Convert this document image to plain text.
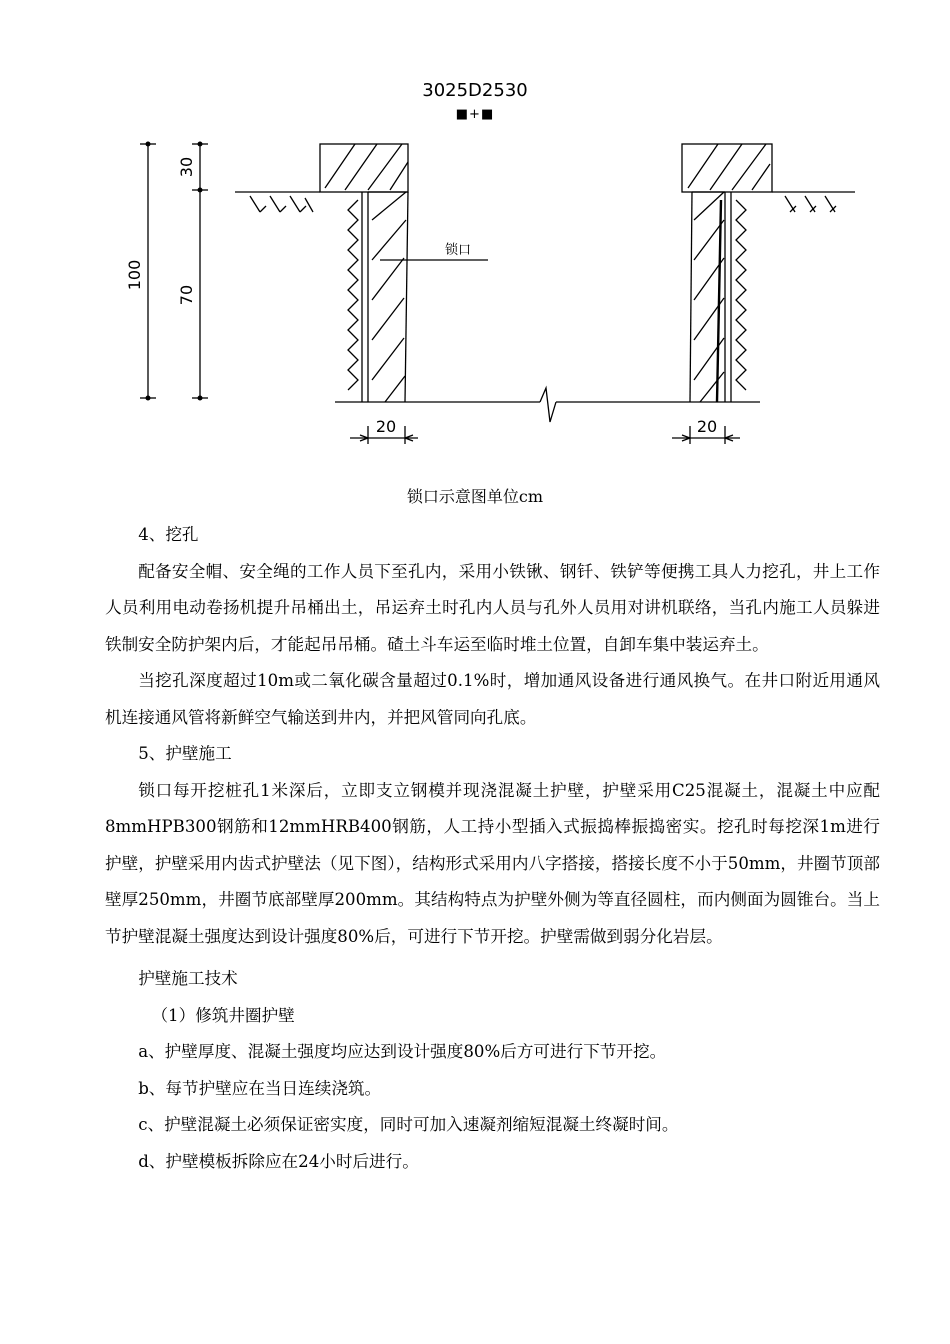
3025D2530
■+■
100
30
70
锁口
20	20
锁口示意图单位cm

4、挖孔

配备安全帽、安全绳的工作人员下至孔内，采用小铁锹、钢钎、铁铲等便携工具人力挖孔，井上工作人员利用电动卷扬机提升吊桶出土，吊运弃土时孔内人员与孔外人员用对讲机联络，当孔内施工人员躲进铁制安全防护架内后，才能起吊吊桶。碴土斗车运至临时堆土位置，自卸车集中装运弃土。

当挖孔深度超过10m或二氧化碳含量超过0.1%时，增加通风设备进行通风换气。在井口附近用通风机连接通风管将新鲜空气输送到井内，并把风管同向孔底。

5、护壁施工

锁口每开挖桩孔1米深后，立即支立钢模并现浇混凝土护壁，护壁采用C25混凝土，混凝土中应配8mmHPB300钢筋和12mmHRB400钢筋，人工持小型插入式振捣棒振捣密实。挖孔时每挖深1m进行护壁，护壁采用内齿式护壁法（见下图），结构形式采用内八字搭接，搭接长度不小于50mm，井圈节顶部壁厚250mm，井圈节底部壁厚200mm。其结构特点为护壁外侧为等直径圆柱，而内侧面为圆锥台。当上节护壁混凝土强度达到设计强度80%后，可进行下节开挖。护壁需做到弱分化岩层。

护壁施工技术

（1）修筑井圈护壁

a、护壁厚度、混凝土强度均应达到设计强度80%后方可进行下节开挖。

b、每节护壁应在当日连续浇筑。

c、护壁混凝土必须保证密实度，同时可加入速凝剂缩短混凝土终凝时间。

d、护壁模板拆除应在24小时后进行。
